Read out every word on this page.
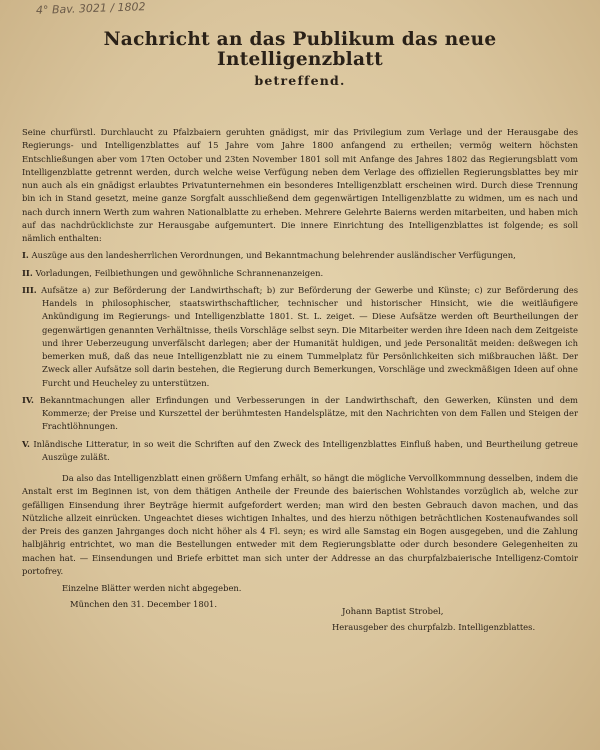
4° Bav. 3021 / 1802
Nachricht an das Publikum das neue Intelligenzblatt
betreffend.
Seine churfürstl. Durchlaucht zu Pfalzbaiern geruhten gnädigst, mir das Privilegium zum Verlage und der Herausgabe des Regierungs- und Intelligenzblattes auf 15 Jahre vom Jahre 1800 anfangend zu ertheilen; vermög weitern höchsten Entschließungen aber vom 17ten October und 23ten November 1801 soll mit Anfange des Jahres 1802 das Regierungsblatt vom Intelligenzblatte getrennt werden, durch welche weise Verfügung neben dem Verlage des offiziellen Regierungsblattes bey mir nun auch als ein gnädigst erlaubtes Privatunternehmen ein besonderes Intelligenzblatt erscheinen wird. Durch diese Trennung bin ich in Stand gesetzt, meine ganze Sorgfalt ausschließend dem gegenwärtigen Intelligenzblatte zu widmen, um es nach und nach durch innern Werth zum wahren Nationalblatte zu erheben. Mehrere Gelehrte Baierns werden mitarbeiten, und haben mich auf das nachdrücklichste zur Herausgabe aufgemuntert. Die innere Einrichtung des Intelligenzblattes ist folgende; es soll nämlich enthalten:
I. Auszüge aus den landesherrlichen Verordnungen, und Bekanntmachung belehrender ausländischer Verfügungen,
II. Vorladungen, Feilbiethungen und gewöhnliche Schrannenanzeigen.
III. Aufsätze a) zur Beförderung der Landwirthschaft; b) zur Beförderung der Gewerbe und Künste; c) zur Beförderung des Handels in philosophischer, staatswirthschaftlicher, technischer und historischer Hinsicht, wie die weitläufigere Ankündigung im Regierungs- und Intelligenzblatte 1801. St. L. zeiget. — Diese Aufsätze werden oft Beurtheilungen der gegenwärtigen genannten Verhältnisse, theils Vorschläge selbst seyn. Die Mitarbeiter werden ihre Ideen nach dem Zeitgeiste und ihrer Ueberzeugung unverfälscht darlegen; aber der Humanität huldigen, und jede Personalität meiden: deßwegen ich bemerken muß, daß das neue Intelligenzblatt nie zu einem Tummelplatz für Persönlichkeiten sich mißbrauchen läßt. Der Zweck aller Aufsätze soll darin bestehen, die Regierung durch Bemerkungen, Vorschläge und zweckmäßigen Ideen auf ohne Furcht und Heucheley zu unterstützen.
IV. Bekanntmachungen aller Erfindungen und Verbesserungen in der Landwirthschaft, den Gewerken, Künsten und dem Kommerze; der Preise und Kurszettel der berühmtesten Handelsplätze, mit den Nachrichten von dem Fallen und Steigen der Frachtlöhnungen.
V. Inländische Litteratur, in so weit die Schriften auf den Zweck des Intelligenzblattes Einfluß haben, und Beurtheilung getreue Auszüge zuläßt.
Da also das Intelligenzblatt einen größern Umfang erhält, so hängt die mögliche Vervollkommnung desselben, indem die Anstalt erst im Beginnen ist, von dem thätigen Antheile der Freunde des baierischen Wohlstandes vorzüglich ab, welche zur gefälligen Einsendung ihrer Beyträge hiermit aufgefordert werden; man wird den besten Gebrauch davon machen, und das Nützliche allzeit einrücken. Ungeachtet dieses wichtigen Inhaltes, und des hierzu nöthigen beträchtlichen Kostenaufwandes soll der Preis des ganzen Jahrganges doch nicht höher als 4 Fl. seyn; es wird alle Samstag ein Bogen ausgegeben, und die Zahlung halbjährig entrichtet, wo man die Bestellungen entweder mit dem Regierungsblatte oder durch besondere Gelegenheiten zu machen hat. — Einsendungen und Briefe erbittet man sich unter der Addresse an das churpfalzbaierische Intelligenz-Comtoir portofrey.
Einzelne Blätter werden nicht abgegeben.
München den 31. December 1801.
Johann Baptist Strobel,
Herausgeber des churpfalzb. Intelligenzblattes.
